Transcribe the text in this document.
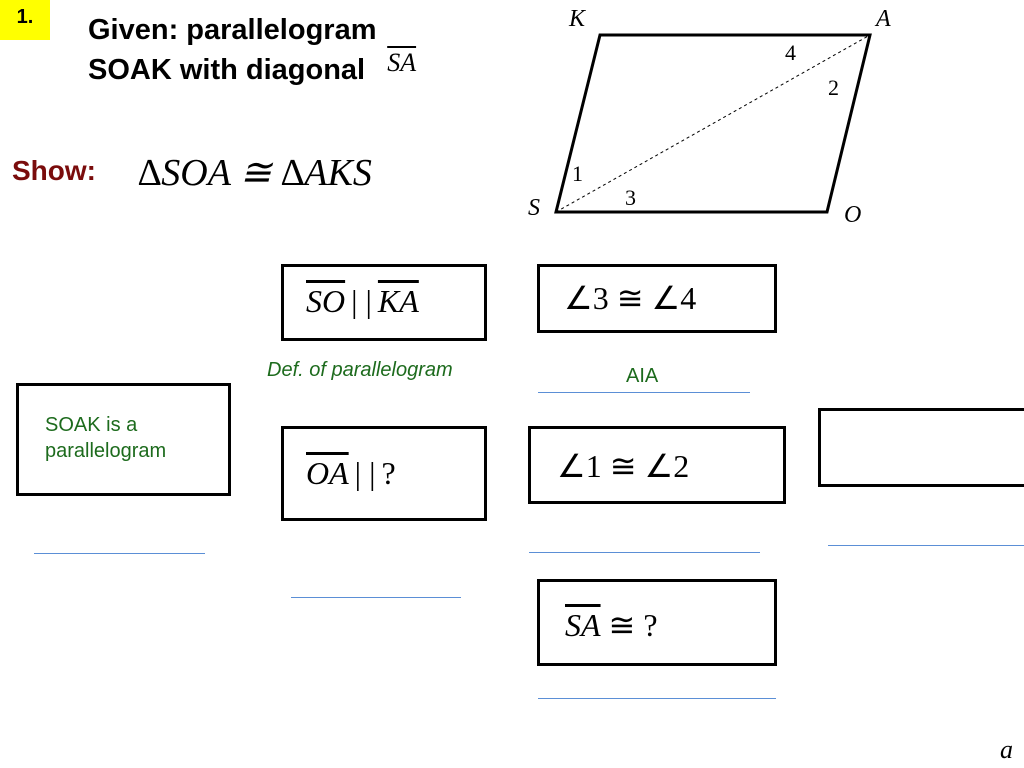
1. Given: parallelogram
SOAK with diagonal $\overline{SA}$
Show: ∆SOA ≅ ∆AKS
K	A
S	O
1
2
3
4
$\overline{SO}$ | | $\overline{KA}$	∠3 ≅ ∠4
Def. of parallelogram	AIA
SOAK is a
parallelogram
$\overline{OA}$ | | ?	∠1 ≅ ∠2
$\overline{SA}$ ≅ ?
a
